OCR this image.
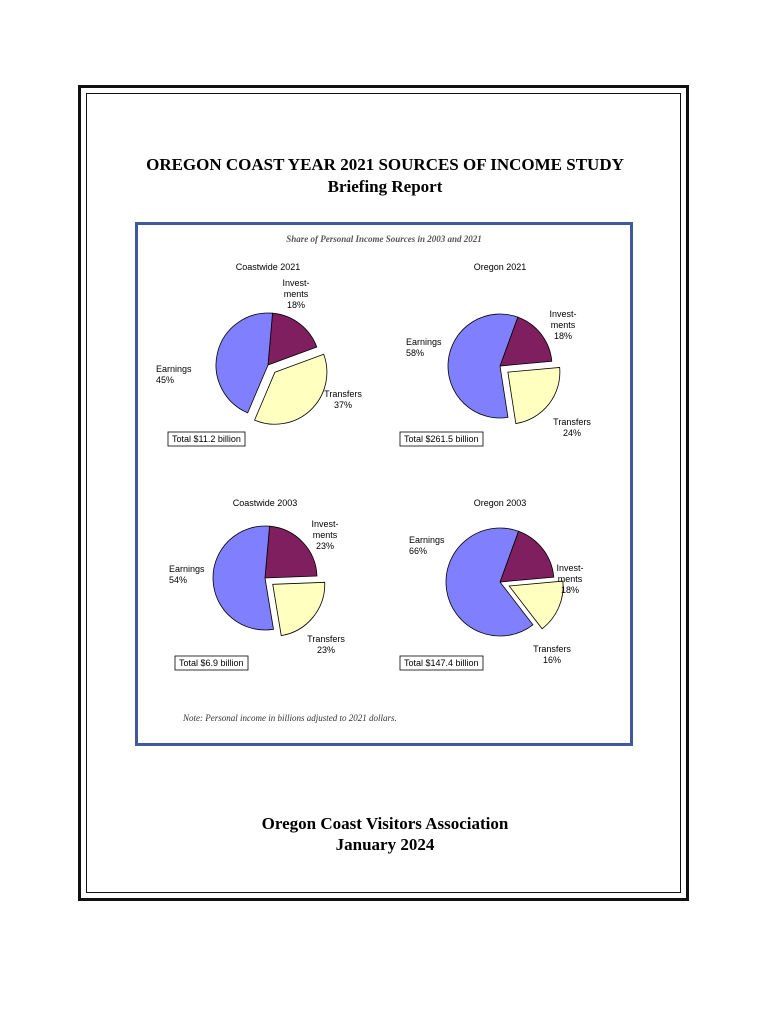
OREGON COAST YEAR 2021 SOURCES OF INCOME STUDY
Briefing Report
Share of Personal Income Sources in 2003 and 2021
Note: Personal income in billions adjusted to 2021 dollars.
Coastwide 2021
Earnings 45%
Invest-ments 18%
Transfers 37%
Total $11.2 billion
Oregon 2021
Earnings 58%
Invest-ments 18%
Transfers 24%
Total $261.5 billion
Coastwide 2003
Earnings 54%
Invest-ments 23%
Transfers 23%
Total $6.9 billion
Oregon 2003
Earnings 66%
Invest-ments 18%
Transfers 16%
Total $147.4 billion
Oregon Coast Visitors Association
January 2024
